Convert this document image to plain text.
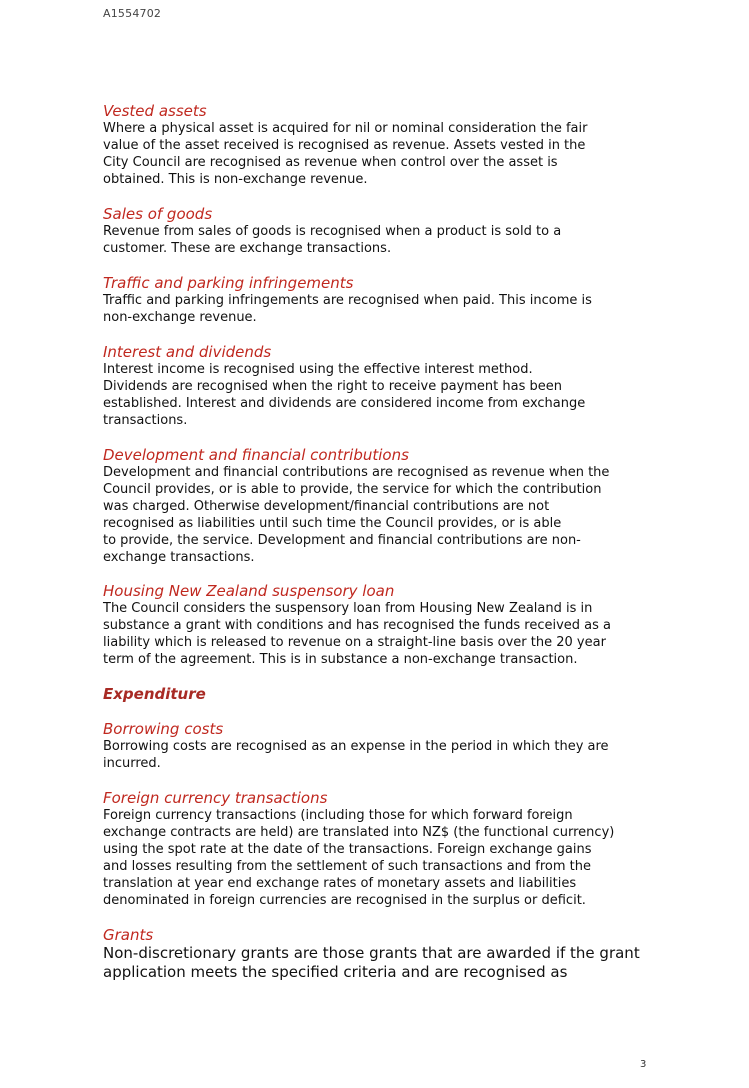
A1554702

Vested assets

Where a physical asset is acquired for nil or nominal consideration the fair
value of the asset received is recognised as revenue. Assets vested in the
City Council are recognised as revenue when control over the asset is
obtained. This is non-exchange revenue.

Sales of goods

Revenue from sales of goods is recognised when a product is sold to a
customer. These are exchange transactions.

Traffic and parking infringements

Traffic and parking infringements are recognised when paid. This income is
non-exchange revenue.

Interest and dividends

Interest income is recognised using the effective interest method.
Dividends are recognised when the right to receive payment has been
established. Interest and dividends are considered income from exchange
transactions.

Development and financial contributions

Development and financial contributions are recognised as revenue when the
Council provides, or is able to provide, the service for which the contribution
was charged. Otherwise development/financial contributions are not
recognised as liabilities until such time the Council provides, or is able
to provide, the service. Development and financial contributions are non-
exchange transactions.

Housing New Zealand suspensory loan

The Council considers the suspensory loan from Housing New Zealand is in
substance a grant with conditions and has recognised the funds received as a
liability which is released to revenue on a straight-line basis over the 20 year
term of the agreement. This is in substance a non-exchange transaction.

Expenditure

Borrowing costs

Borrowing costs are recognised as an expense in the period in which they are
incurred.

Foreign currency transactions

Foreign currency transactions (including those for which forward foreign
exchange contracts are held) are translated into NZ$ (the functional currency)
using the spot rate at the date of the transactions. Foreign exchange gains
and losses resulting from the settlement of such transactions and from the
translation at year end exchange rates of monetary assets and liabilities
denominated in foreign currencies are recognised in the surplus or deficit.

Grants

Non-discretionary grants are those grants that are awarded if the grant
application meets the specified criteria and are recognised as

3
